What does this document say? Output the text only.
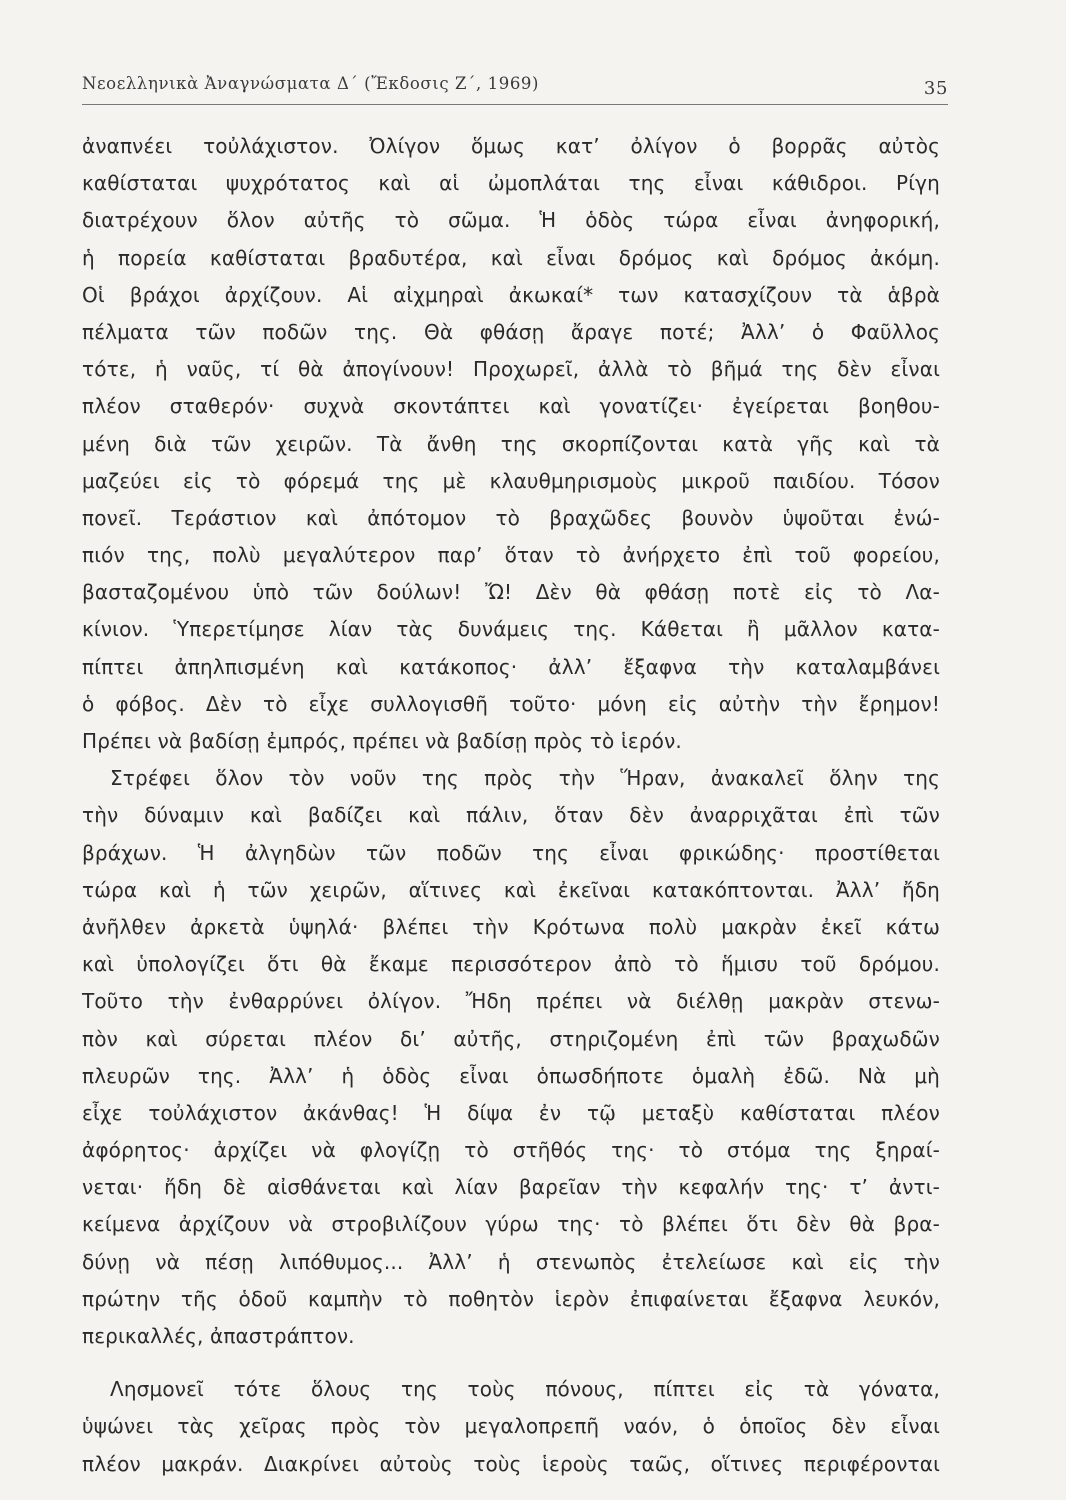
Νεοελληνικὰ Ἀναγνώσματα Δ΄ (Ἔκδοσις Ζ΄, 1969)	35
ἀναπνέει τοὐλάχιστον. Ὀλίγον ὅμως κατ’ ὀλίγον ὁ βορρᾶς αὐτὸς
καθίσταται ψυχρότατος καὶ αἱ ὠμοπλάται της εἶναι κάθιδροι. Ρίγη
διατρέχουν ὅλον αὐτῆς τὸ σῶμα. Ἡ ὁδὸς τώρα εἶναι ἀνηφορική,
ἡ πορεία καθίσταται βραδυτέρα, καὶ εἶναι δρόμος καὶ δρόμος ἀκόμη.
Οἱ βράχοι ἀρχίζουν. Αἱ αἰχμηραὶ ἀκωκαί* των κατασχίζουν τὰ ἁβρὰ
πέλματα τῶν ποδῶν της. Θὰ φθάσῃ ἄραγε ποτέ; Ἀλλ’ ὁ Φαῦλλος
τότε, ἡ ναῦς, τί θὰ ἀπογίνουν! Προχωρεῖ, ἀλλὰ τὸ βῆμά της δὲν εἶναι
πλέον σταθερόν· συχνὰ σκοντάπτει καὶ γονατίζει· ἐγείρεται βοηθου-
μένη διὰ τῶν χειρῶν. Τὰ ἄνθη της σκορπίζονται κατὰ γῆς καὶ τὰ
μαζεύει εἰς τὸ φόρεμά της μὲ κλαυθμηρισμοὺς μικροῦ παιδίου. Τόσον
πονεῖ. Τεράστιον καὶ ἀπότομον τὸ βραχῶδες βουνὸν ὑψοῦται ἐνώ-
πιόν της, πολὺ μεγαλύτερον παρ’ ὅταν τὸ ἀνήρχετο ἐπὶ τοῦ φορείου,
βασταζομένου ὑπὸ τῶν δούλων! Ὤ! Δὲν θὰ φθάσῃ ποτὲ εἰς τὸ Λα-
κίνιον. Ὑπερετίμησε λίαν τὰς δυνάμεις της. Κάθεται ἢ μᾶλλον κατα-
πίπτει ἀπηλπισμένη καὶ κατάκοπος· ἀλλ’ ἔξαφνα τὴν καταλαμβάνει
ὁ φόβος. Δὲν τὸ εἶχε συλλογισθῆ τοῦτο· μόνη εἰς αὐτὴν τὴν ἔρημον!
Πρέπει νὰ βαδίσῃ ἐμπρός, πρέπει νὰ βαδίσῃ πρὸς τὸ ἱερόν.
Στρέφει ὅλον τὸν νοῦν της πρὸς τὴν Ἥραν, ἀνακαλεῖ ὅλην της
τὴν δύναμιν καὶ βαδίζει καὶ πάλιν, ὅταν δὲν ἀναρριχᾶται ἐπὶ τῶν
βράχων. Ἡ ἀλγηδὼν τῶν ποδῶν της εἶναι φρικώδης· προστίθεται
τώρα καὶ ἡ τῶν χειρῶν, αἵτινες καὶ ἐκεῖναι κατακόπτονται. Ἀλλ’ ἤδη
ἀνῆλθεν ἀρκετὰ ὑψηλά· βλέπει τὴν Κρότωνα πολὺ μακρὰν ἐκεῖ κάτω
καὶ ὑπολογίζει ὅτι θὰ ἔκαμε περισσότερον ἀπὸ τὸ ἥμισυ τοῦ δρόμου.
Τοῦτο τὴν ἐνθαρρύνει ὀλίγον. Ἤδη πρέπει νὰ διέλθῃ μακρὰν στενω-
πὸν καὶ σύρεται πλέον δι’ αὐτῆς, στηριζομένη ἐπὶ τῶν βραχωδῶν
πλευρῶν της. Ἀλλ’ ἡ ὁδὸς εἶναι ὁπωσδήποτε ὁμαλὴ ἐδῶ. Νὰ μὴ
εἶχε τοὐλάχιστον ἀκάνθας! Ἡ δίψα ἐν τῷ μεταξὺ καθίσταται πλέον
ἀφόρητος· ἀρχίζει νὰ φλογίζῃ τὸ στῆθός της· τὸ στόμα της ξηραί-
νεται· ἤδη δὲ αἰσθάνεται καὶ λίαν βαρεῖαν τὴν κεφαλήν της· τ’ ἀντι-
κείμενα ἀρχίζουν νὰ στροβιλίζουν γύρω της· τὸ βλέπει ὅτι δὲν θὰ βρα-
δύνῃ νὰ πέσῃ λιπόθυμος... Ἀλλ’ ἡ στενωπὸς ἐτελείωσε καὶ εἰς τὴν
πρώτην τῆς ὁδοῦ καμπὴν τὸ ποθητὸν ἱερὸν ἐπιφαίνεται ἔξαφνα λευκόν,
περικαλλές, ἀπαστράπτον.
Λησμονεῖ τότε ὅλους της τοὺς πόνους, πίπτει εἰς τὰ γόνατα,
ὑψώνει τὰς χεῖρας πρὸς τὸν μεγαλοπρεπῆ ναόν, ὁ ὁποῖος δὲν εἶναι
πλέον μακράν. Διακρίνει αὐτοὺς τοὺς ἱεροὺς ταῶς, οἵτινες περιφέρονται
